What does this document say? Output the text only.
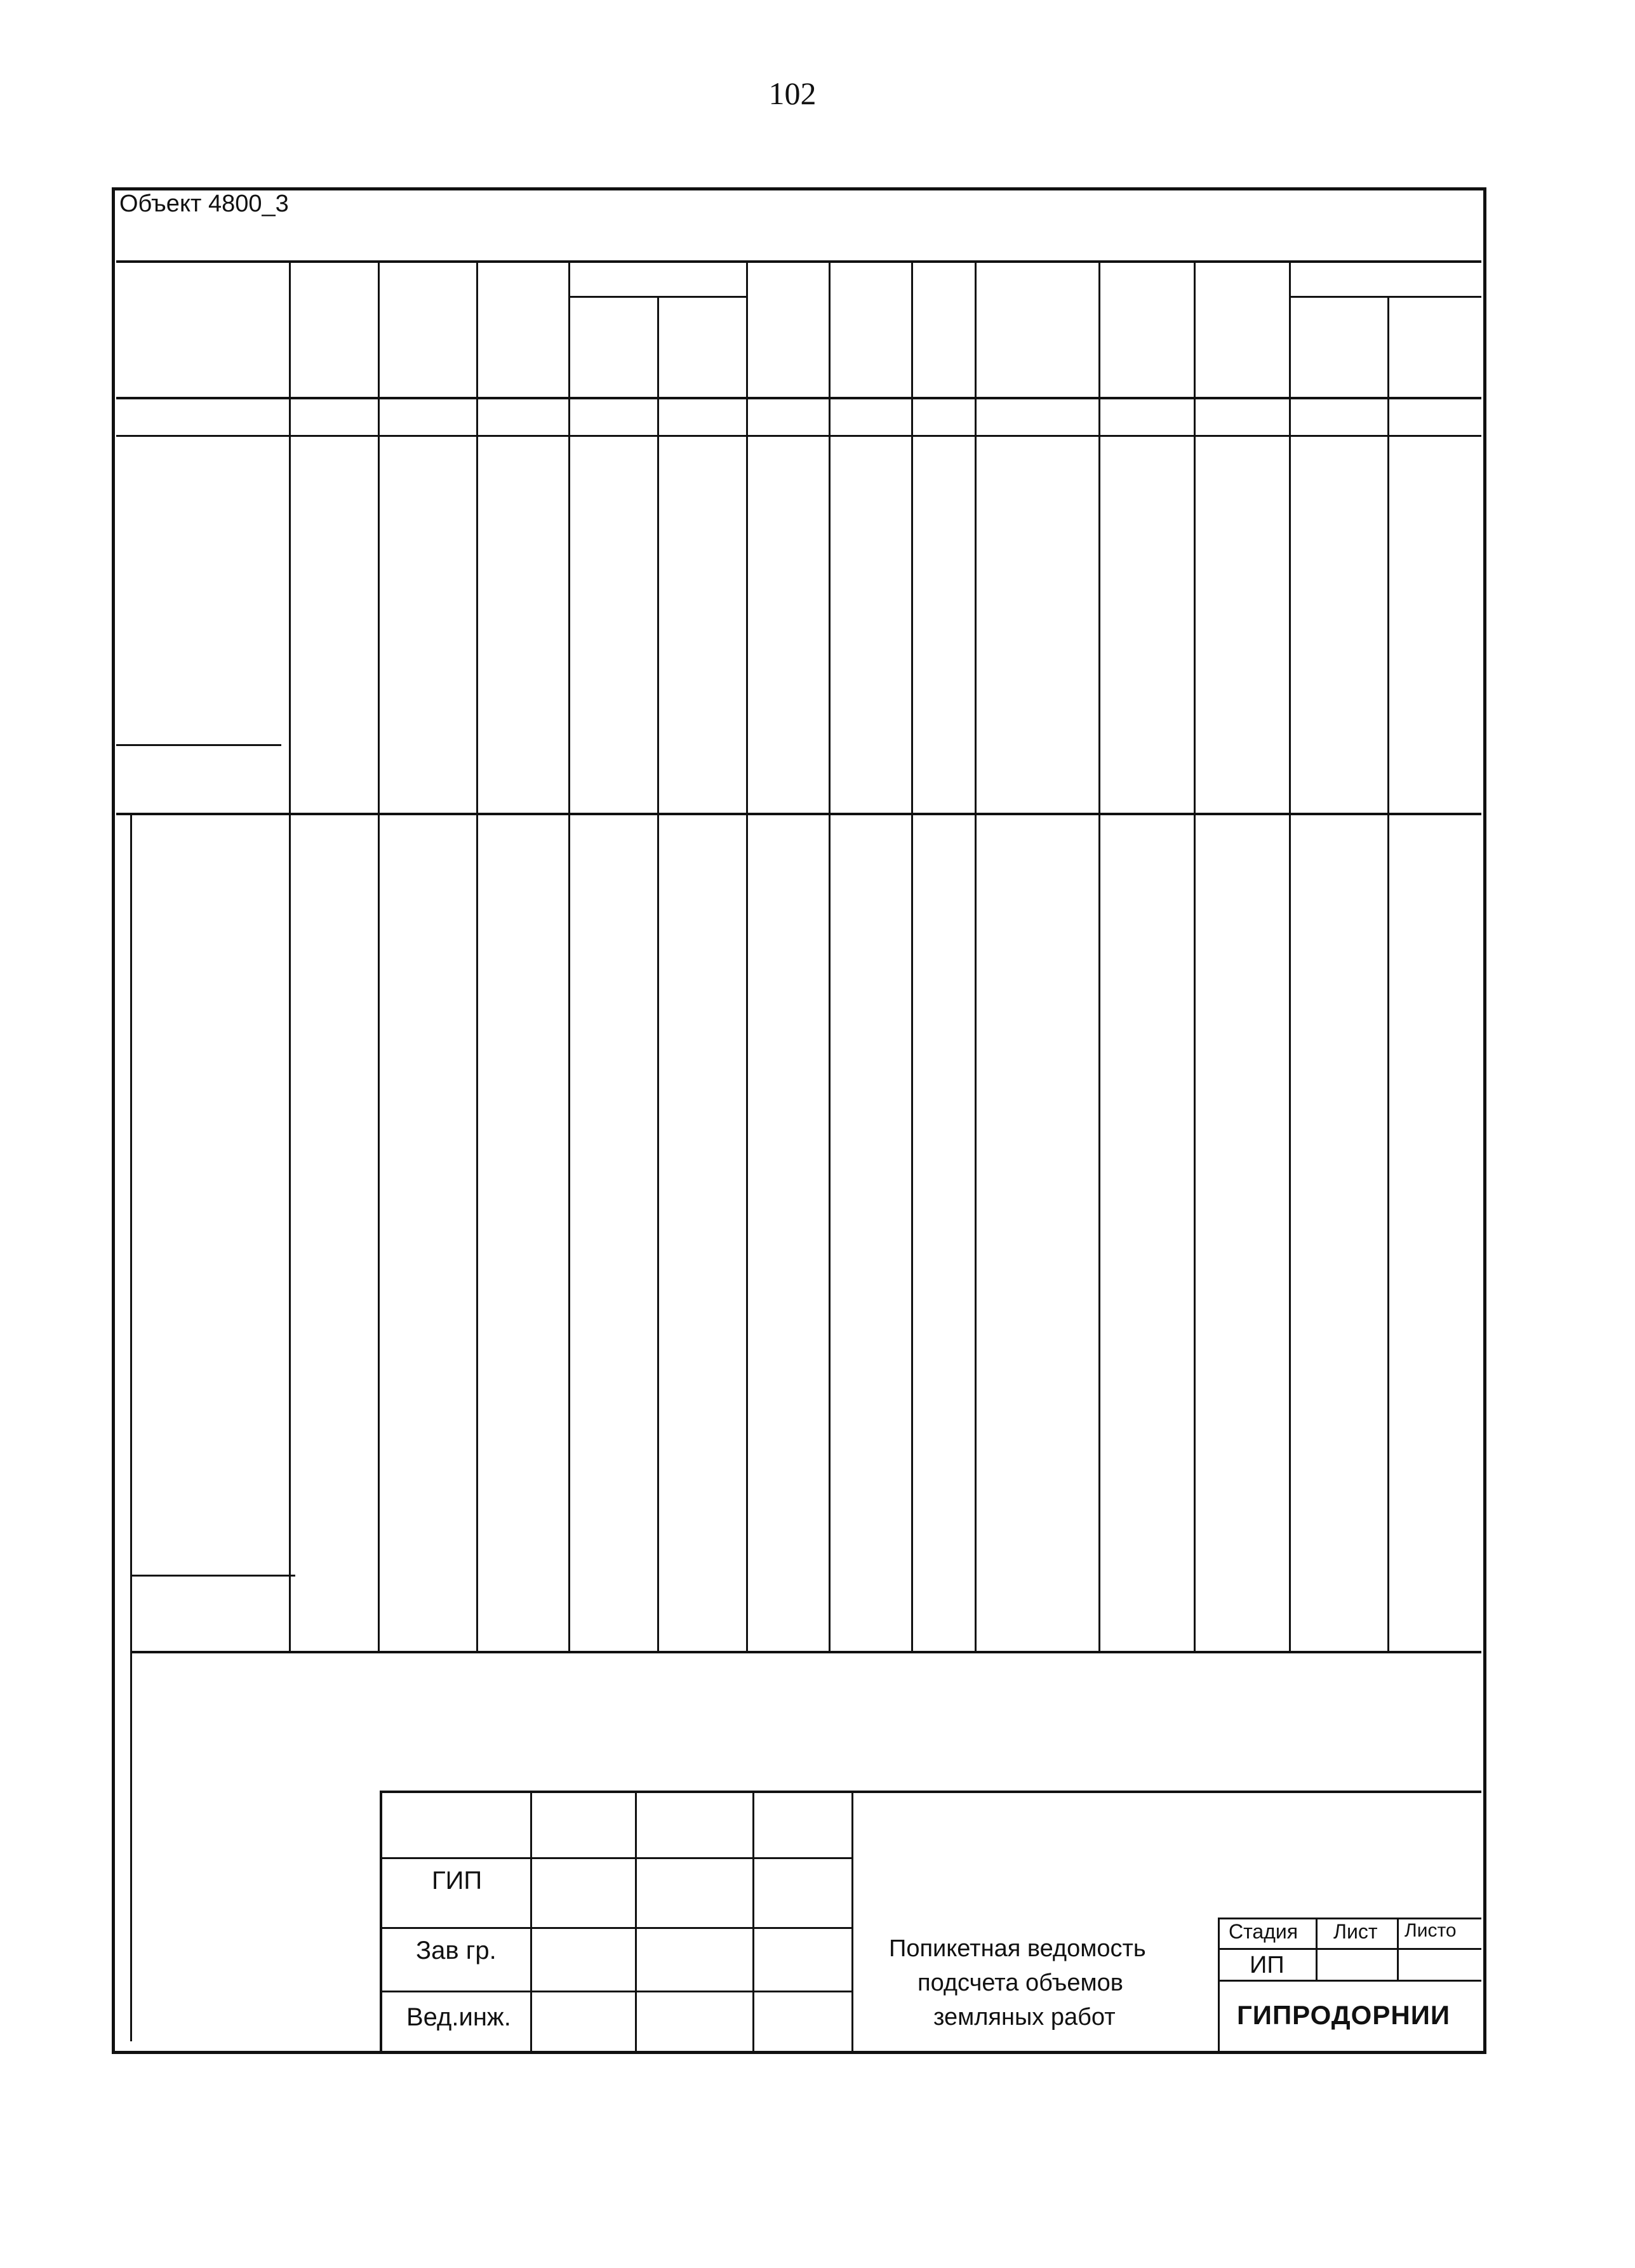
102
Объект 4800_3
ГИП
Зав гр.
Вед.инж.
Попикетная ведомость
подсчета объемов
земляных работ
Стадия Лист Листо
ИП
ГИПРОДОРНИИ
